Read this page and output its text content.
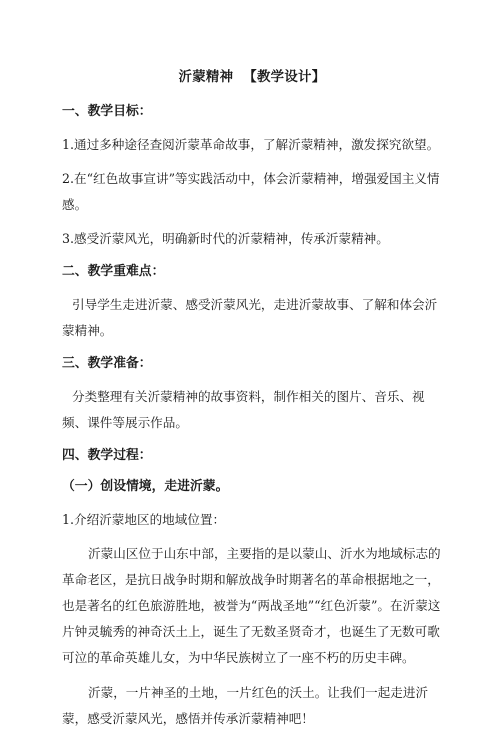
沂蒙精神 【教学设计】
一、教学目标：
1.通过多种途径查阅沂蒙革命故事，了解沂蒙精神，激发探究欲望。
2.在“红色故事宣讲”等实践活动中，体会沂蒙精神，增强爱国主义情感。
3.感受沂蒙风光，明确新时代的沂蒙精神，传承沂蒙精神。
二、教学重难点：
引导学生走进沂蒙、感受沂蒙风光，走进沂蒙故事、了解和体会沂蒙精神。
三、教学准备：
分类整理有关沂蒙精神的故事资料，制作相关的图片、音乐、视频、课件等展示作品。
四、教学过程：
（一）创设情境，走进沂蒙。
1.介绍沂蒙地区的地域位置：
沂蒙山区位于山东中部，主要指的是以蒙山、沂水为地域标志的革命老区，是抗日战争时期和解放战争时期著名的革命根据地之一，也是著名的红色旅游胜地，被誉为“两战圣地”“红色沂蒙”。在沂蒙这片钟灵毓秀的神奇沃土上，诞生了无数圣贤奇才，也诞生了无数可歌可泣的革命英雄儿女，为中华民族树立了一座不朽的历史丰碑。
沂蒙，一片神圣的土地，一片红色的沃土。让我们一起走进沂蒙，感受沂蒙风光，感悟并传承沂蒙精神吧！
